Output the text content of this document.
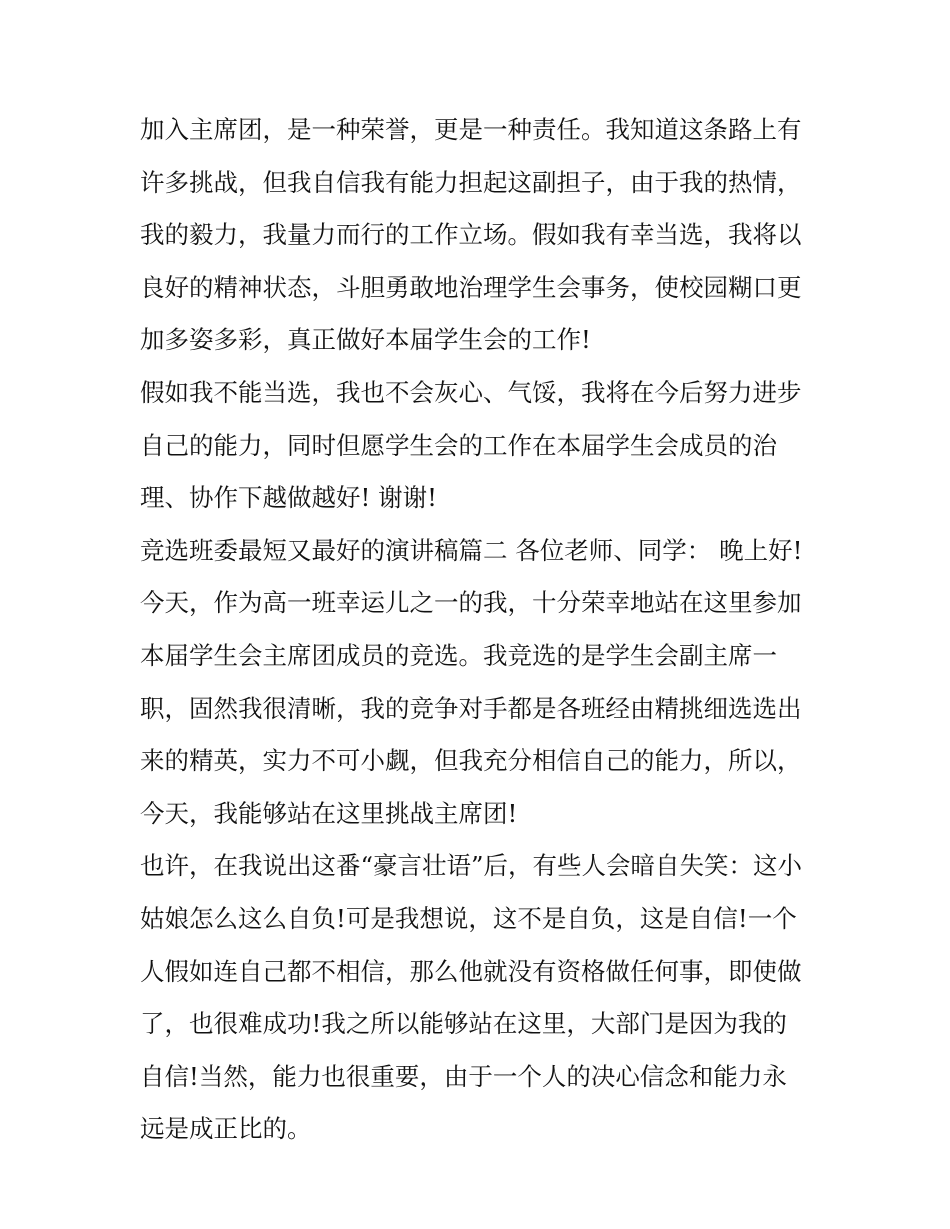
加入主席团，是一种荣誉，更是一种责任。我知道这条路上有
许多挑战，但我自信我有能力担起这副担子，由于我的热情，
我的毅力，我量力而行的工作立场。假如我有幸当选，我将以
良好的精神状态，斗胆勇敢地治理学生会事务，使校园糊口更
加多姿多彩，真正做好本届学生会的工作!
假如我不能当选，我也不会灰心、气馁，我将在今后努力进步
自己的能力，同时但愿学生会的工作在本届学生会成员的治
理、协作下越做越好! 谢谢!
竞选班委最短又最好的演讲稿篇二 各位老师、同学： 晚上好!
今天，作为高一班幸运儿之一的我，十分荣幸地站在这里参加
本届学生会主席团成员的竞选。我竞选的是学生会副主席一
职，固然我很清晰，我的竞争对手都是各班经由精挑细选选出
来的精英，实力不可小觑，但我充分相信自己的能力，所以，
今天，我能够站在这里挑战主席团!
也许，在我说出这番“豪言壮语”后，有些人会暗自失笑：这小
姑娘怎么这么自负!可是我想说，这不是自负，这是自信!一个
人假如连自己都不相信，那么他就没有资格做任何事，即使做
了，也很难成功!我之所以能够站在这里，大部门是因为我的
自信!当然，能力也很重要，由于一个人的决心信念和能力永
远是成正比的。
